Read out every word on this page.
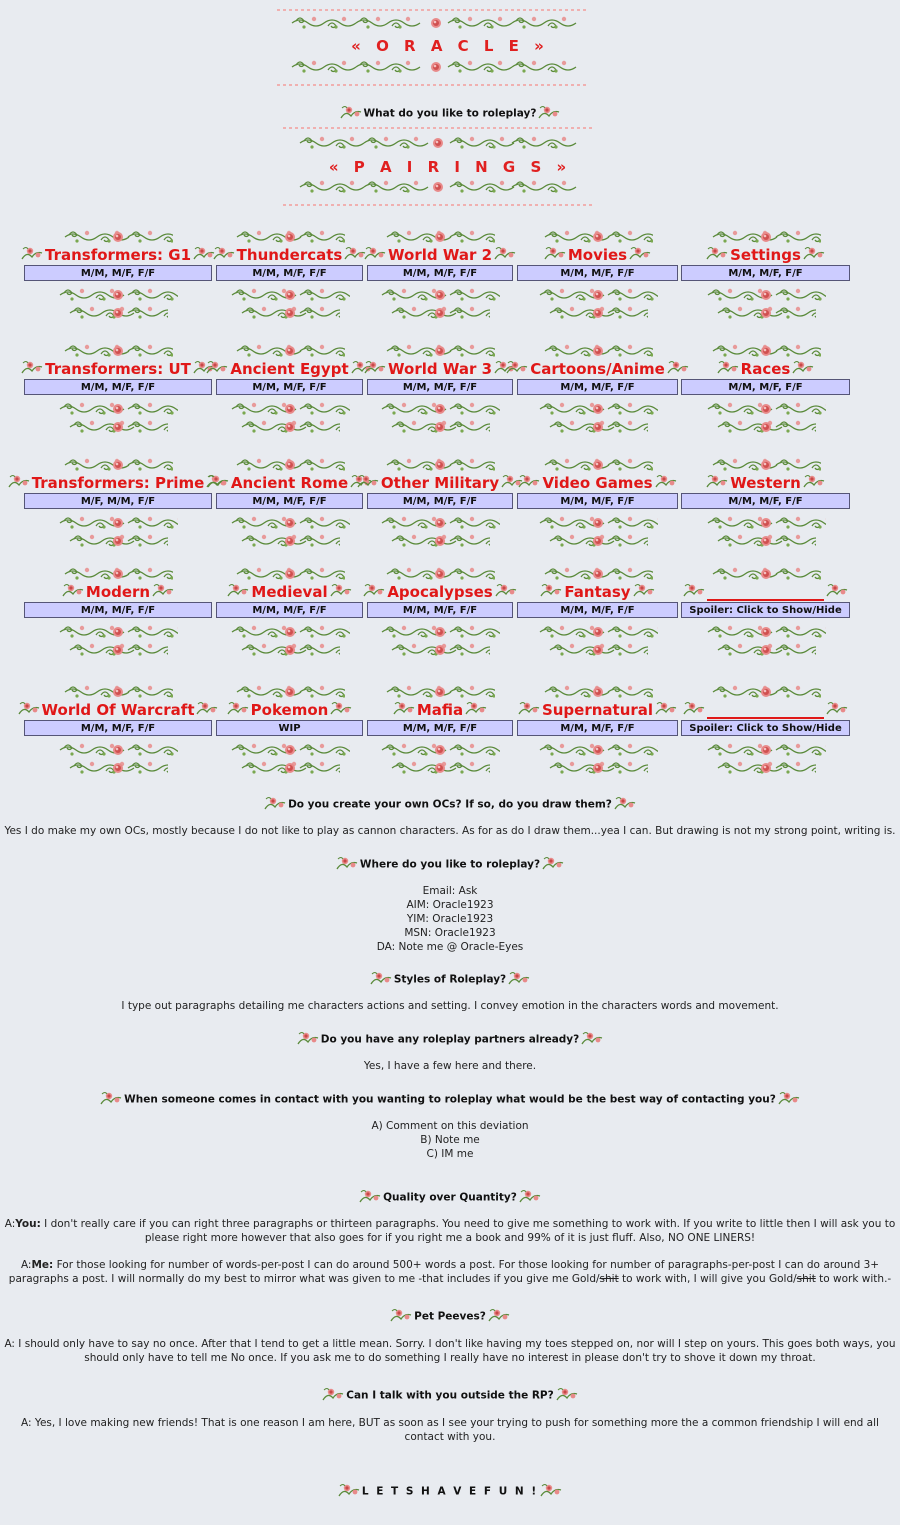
« O R A C L E »
What do you like to roleplay?
« P A I R I N G S »
Transformers: G1
M/M, M/F, F/F
Thundercats
M/M, M/F, F/F
World War 2
M/M, M/F, F/F
Movies
M/M, M/F, F/F
Settings
M/M, M/F, F/F
Transformers: UT
M/M, M/F, F/F
Ancient Egypt
M/M, M/F, F/F
World War 3
M/M, M/F, F/F
Cartoons/Anime
M/M, M/F, F/F
Races
M/M, M/F, F/F
Transformers: Prime
M/F, M/M, F/F
Ancient Rome
M/M, M/F, F/F
Other Military
M/M, M/F, F/F
Video Games
M/M, M/F, F/F
Western
M/M, M/F, F/F
Modern
M/M, M/F, F/F
Medieval
M/M, M/F, F/F
Apocalypses
M/M, M/F, F/F
Fantasy
M/M, M/F, F/F	Spoiler: Click to Show/Hide
World Of Warcraft
M/M, M/F, F/F
Pokemon
WIP
Mafia
M/M, M/F, F/F
Supernatural
M/M, M/F, F/F	Spoiler: Click to Show/Hide
Do you create your own OCs? If so, do you draw them?
Yes I do make my own OCs, mostly because I do not like to play as cannon characters. As for as do I draw them...yea I can. But drawing is not my strong point, writing is.
Where do you like to roleplay?
Email: Ask
AIM: Oracle1923
YIM: Oracle1923
MSN: Oracle1923
DA: Note me @ Oracle-Eyes
Styles of Roleplay?
I type out paragraphs detailing me characters actions and setting. I convey emotion in the characters words and movement.
Do you have any roleplay partners already?
Yes, I have a few here and there.
When someone comes in contact with you wanting to roleplay what would be the best way of contacting you?
A) Comment on this deviation
B) Note me
C) IM me
Quality over Quantity?
A:You: I don't really care if you can right three paragraphs or thirteen paragraphs. You need to give me something to work with. If you write to little then I will ask you to please right more however that also goes for if you right me a book and 99% of it is just fluff. Also, NO ONE LINERS!
A:Me: For those looking for number of words-per-post I can do around 500+ words a post. For those looking for number of paragraphs-per-post I can do around 3+ paragraphs a post. I will normally do my best to mirror what was given to me -that includes if you give me Gold/shit to work with, I will give you Gold/shit to work with.-
Pet Peeves?
A: I should only have to say no once. After that I tend to get a little mean. Sorry. I don't like having my toes stepped on, nor will I step on yours. This goes both ways, you should only have to tell me No once. If you ask me to do something I really have no interest in please don't try to shove it down my throat.
Can I talk with you outside the RP?
A: Yes, I love making new friends! That is one reason I am here, BUT as soon as I see your trying to push for something more the a common friendship I will end all contact with you.
L E T S H A V E F U N !
